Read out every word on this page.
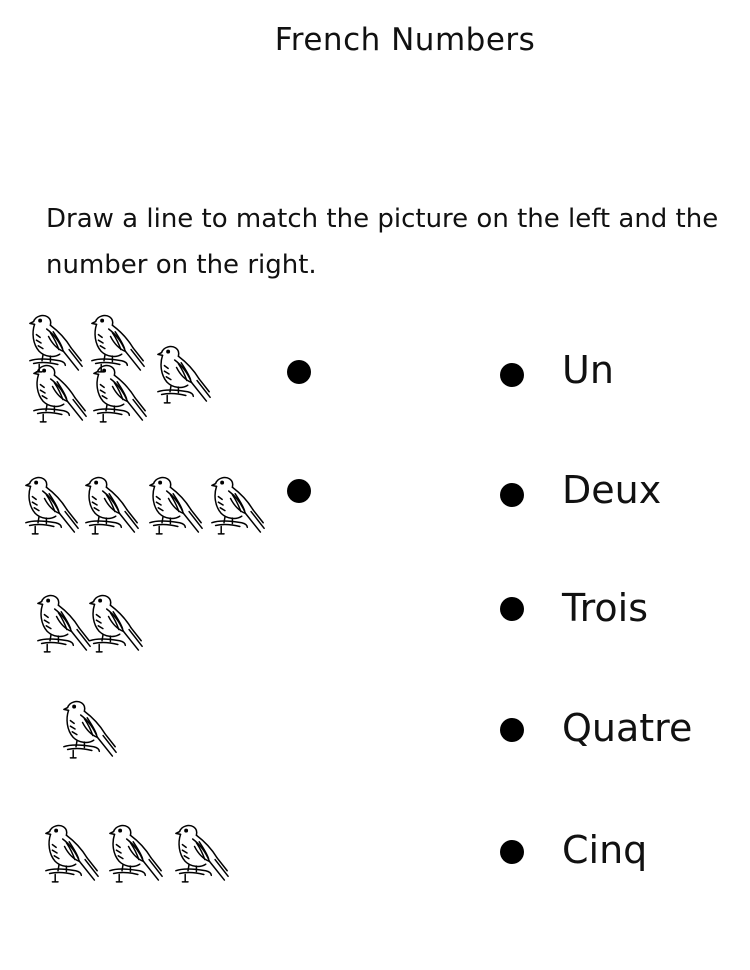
French Numbers
Draw a line to match the picture on the left and the number on the right.
Un
Deux
Trois
Quatre
Cinq
